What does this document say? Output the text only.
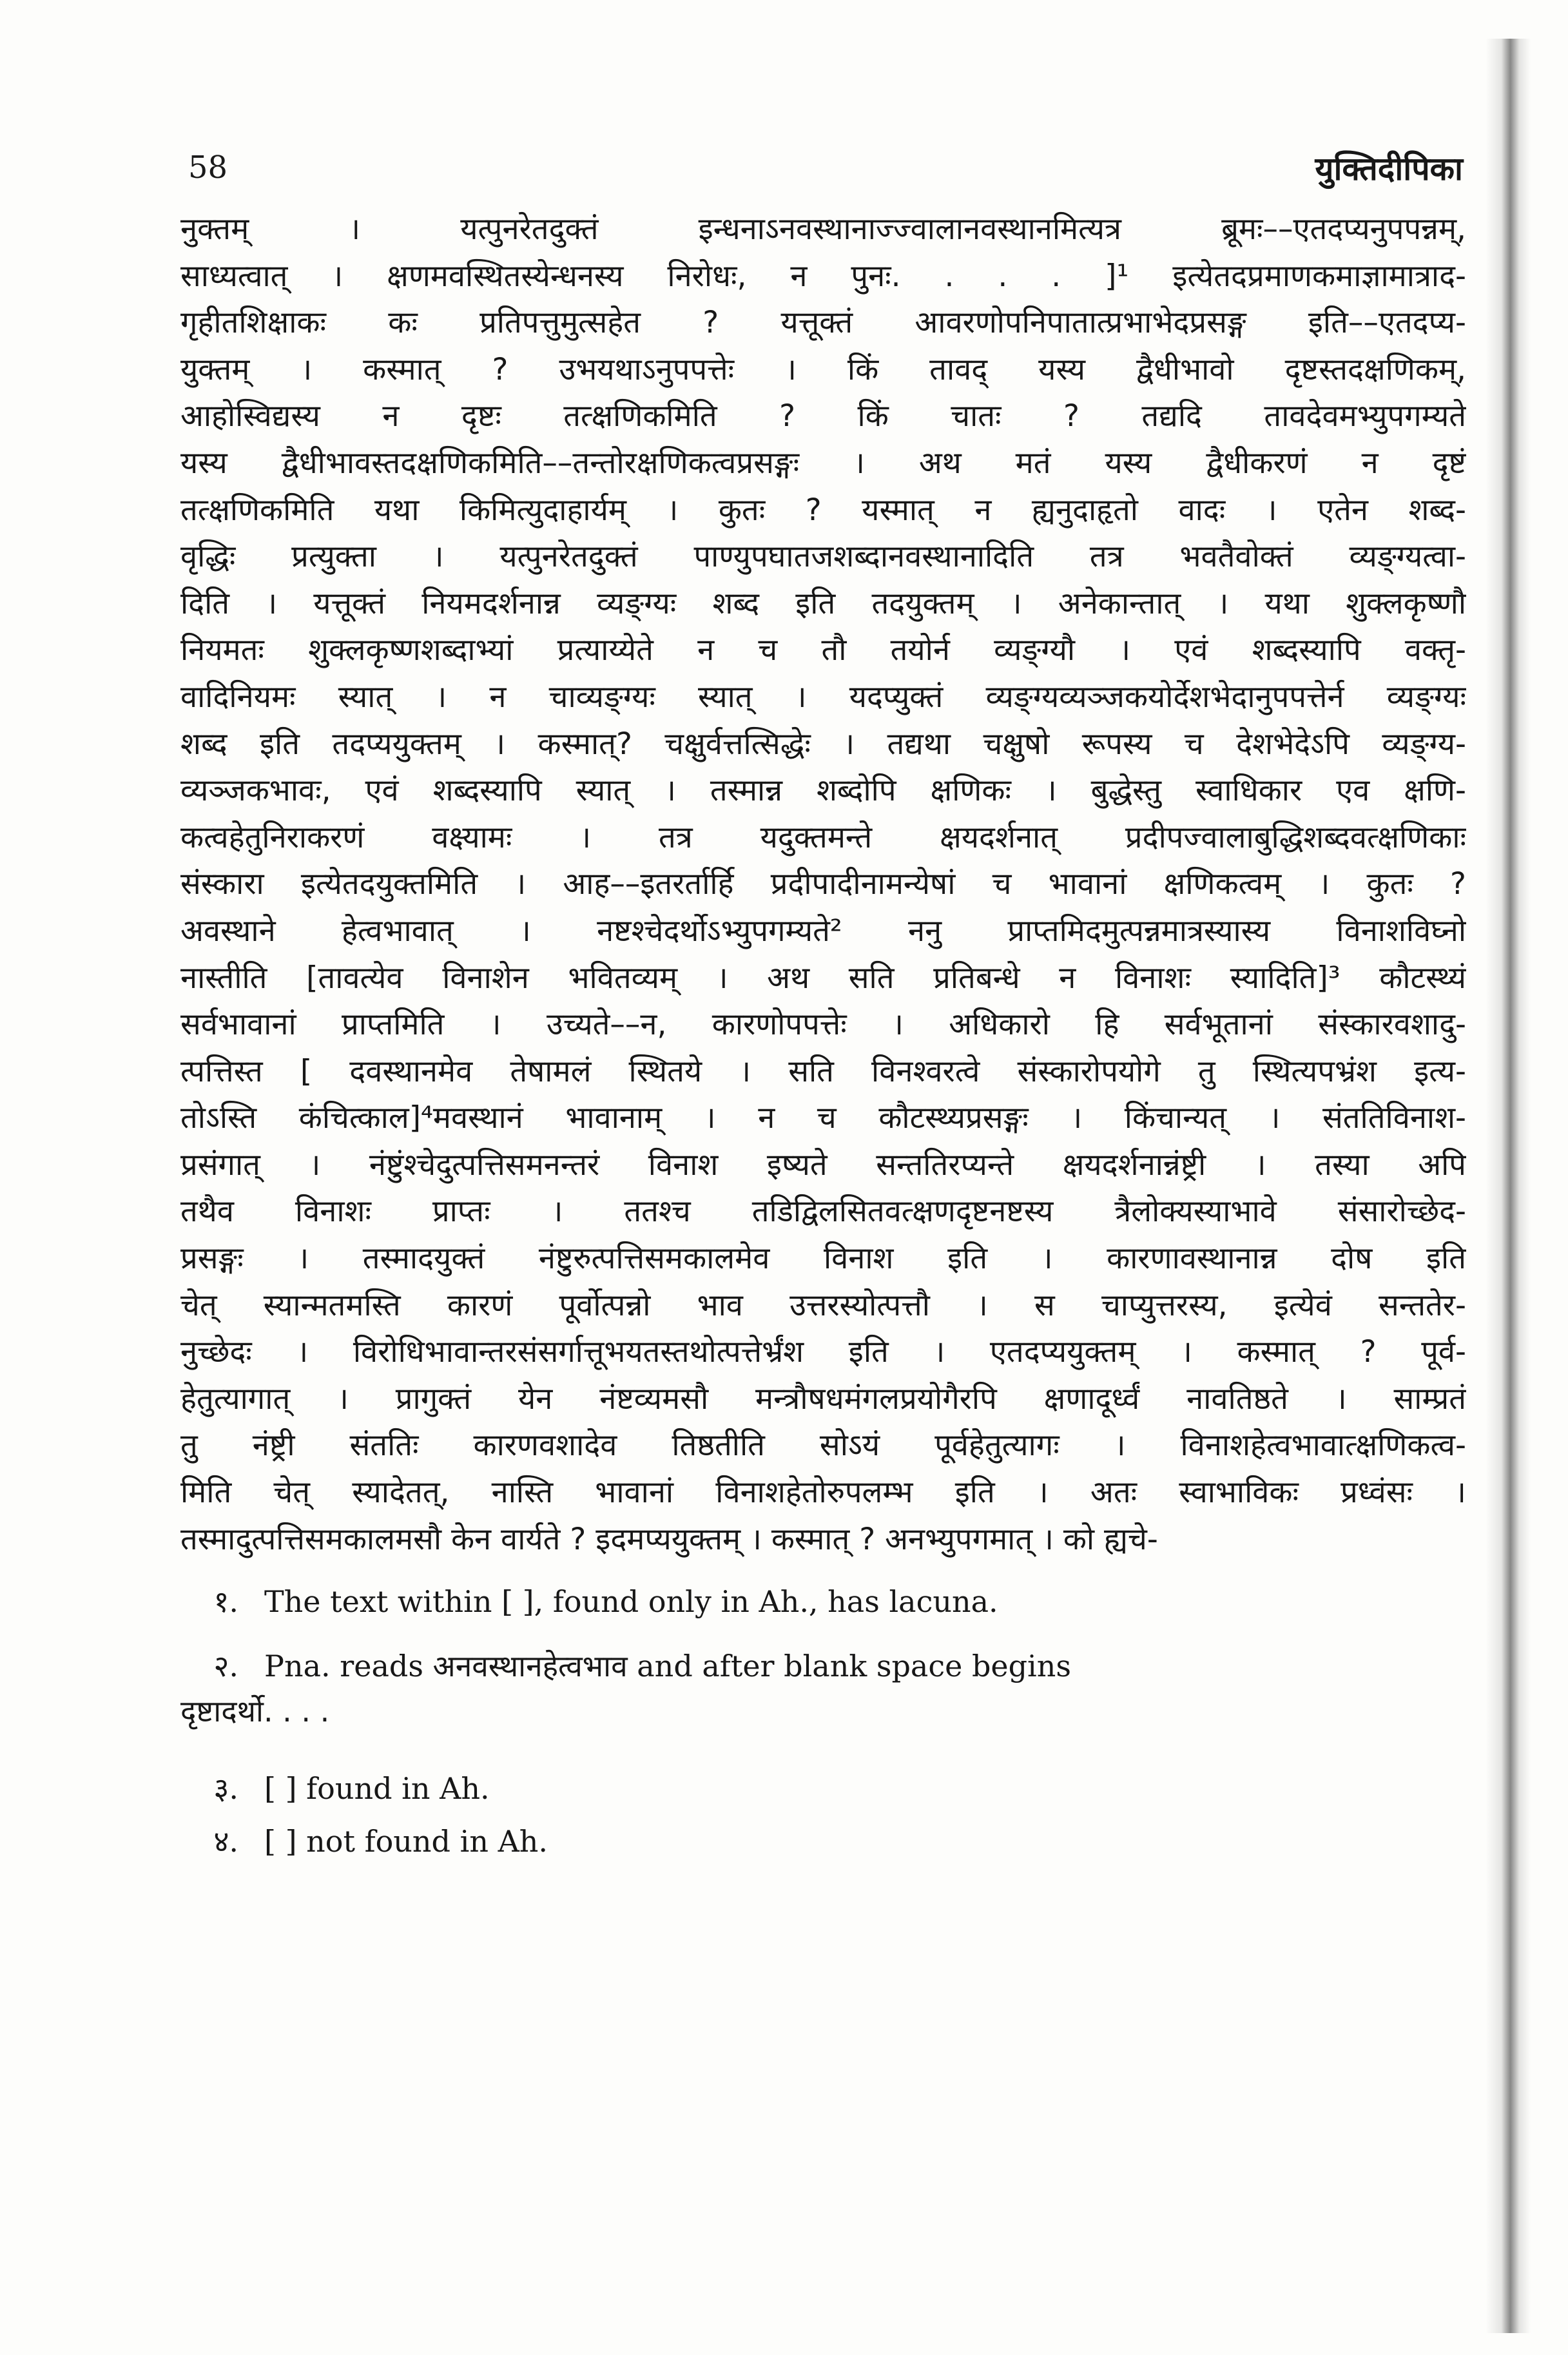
58	युक्तिदीपिका
नुक्तम् । यत्पुनरेतदुक्तं इन्धनाऽनवस्थानाज्ज्वालानवस्थानमित्यत्र ब्रूमः––एतदप्यनुपपन्नम्,
साध्यत्वात् । क्षणमवस्थितस्येन्धनस्य निरोधः, न पुनः. . . . ]¹ इत्येतदप्रमाणकमाज्ञामात्राद-
गृहीतशिक्षाकः कः प्रतिपत्तुमुत्सहेत ? यत्तूक्तं आवरणोपनिपातात्प्रभाभेदप्रसङ्ग इति––एतदप्य-
युक्तम् । कस्मात् ? उभयथाऽनुपपत्तेः । किं तावद् यस्य द्वैधीभावो दृष्टस्तदक्षणिकम्,
आहोस्विद्यस्य न दृष्टः तत्क्षणिकमिति ? किं चातः ? तद्यदि तावदेवमभ्युपगम्यते
यस्य द्वैधीभावस्तदक्षणिकमिति––तन्तोरक्षणिकत्वप्रसङ्गः । अथ मतं यस्य द्वैधीकरणं न दृष्टं
तत्क्षणिकमिति यथा किमित्युदाहार्यम् । कुतः ? यस्मात् न ह्यनुदाहृतो वादः । एतेन शब्द-
वृद्धिः प्रत्युक्ता । यत्पुनरेतदुक्तं पाण्युपघातजशब्दानवस्थानादिति तत्र भवतैवोक्तं व्यङ्ग्यत्वा-
दिति । यत्तूक्तं नियमदर्शनान्न व्यङ्ग्यः शब्द इति तदयुक्तम् । अनेकान्तात् । यथा शुक्लकृष्णौ
नियमतः शुक्लकृष्णशब्दाभ्यां प्रत्याय्येते न च तौ तयोर्न व्यङ्ग्यौ । एवं शब्दस्यापि वक्तृ-
वादिनियमः स्यात् । न चाव्यङ्ग्यः स्यात् । यदप्युक्तं व्यङ्ग्यव्यञ्जकयोर्देशभेदानुपपत्तेर्न व्यङ्ग्यः
शब्द इति तदप्ययुक्तम् । कस्मात्? चक्षुर्वत्तत्सिद्धेः । तद्यथा चक्षुषो रूपस्य च देशभेदेऽपि व्यङ्ग्य-
व्यञ्जकभावः, एवं शब्दस्यापि स्यात् । तस्मान्न शब्दोपि क्षणिकः । बुद्धेस्तु स्वाधिकार एव क्षणि-
कत्वहेतुनिराकरणं वक्ष्यामः । तत्र यदुक्तमन्ते क्षयदर्शनात् प्रदीपज्वालाबुद्धिशब्दवत्क्षणिकाः
संस्कारा इत्येतदयुक्तमिति । आह––इतरर्तार्हि प्रदीपादीनामन्येषां च भावानां क्षणिकत्वम् । कुतः ?
अवस्थाने हेत्वभावात् । नष्टश्चेदर्थोऽभ्युपगम्यते² ननु प्राप्तमिदमुत्पन्नमात्रस्यास्य विनाशविघ्नो
नास्तीति [तावत्येव विनाशेन भवितव्यम् । अथ सति प्रतिबन्धे न विनाशः स्यादिति]³ कौटस्थ्यं
सर्वभावानां प्राप्तमिति । उच्यते––न, कारणोपपत्तेः । अधिकारो हि सर्वभूतानां संस्कारवशादु-
त्पत्तिस्त [ दवस्थानमेव तेषामलं स्थितये । सति विनश्वरत्वे संस्कारोपयोगे तु स्थित्यपभ्रंश इत्य-
तोऽस्ति कंचित्काल]⁴मवस्थानं भावानाम् । न च कौटस्थ्यप्रसङ्गः । किंचान्यत् । संततिविनाश-
प्रसंगात् । नंष्टुंश्चेदुत्पत्तिसमनन्तरं विनाश इष्यते सन्ततिरप्यन्ते क्षयदर्शनान्नंष्ट्री । तस्या अपि
तथैव विनाशः प्राप्तः । ततश्च तडिद्विलसितवत्क्षणदृष्टनष्टस्य त्रैलोक्यस्याभावे संसारोच्छेद-
प्रसङ्गः । तस्मादयुक्तं नंष्टुरुत्पत्तिसमकालमेव विनाश इति । कारणावस्थानान्न दोष इति
चेत् स्यान्मतमस्ति कारणं पूर्वोत्पन्नो भाव उत्तरस्योत्पत्तौ । स चाप्युत्तरस्य, इत्येवं सन्ततेर-
नुच्छेदः । विरोधिभावान्तरसंसर्गात्तूभयतस्तथोत्पत्तेर्भ्रंश इति । एतदप्ययुक्तम् । कस्मात् ? पूर्व-
हेतुत्यागात् । प्रागुक्तं येन नंष्टव्यमसौ मन्त्रौषधमंगलप्रयोगैरपि क्षणादूर्ध्वं नावतिष्ठते । साम्प्रतं
तु नंष्ट्री संततिः कारणवशादेव तिष्ठतीति सोऽयं पूर्वहेतुत्यागः । विनाशहेत्वभावात्क्षणिकत्व-
मिति चेत् स्यादेतत्, नास्ति भावानां विनाशहेतोरुपलम्भ इति । अतः स्वाभाविकः प्रध्वंसः ।
तस्मादुत्पत्तिसमकालमसौ केन वार्यते ? इदमप्ययुक्तम् । कस्मात् ? अनभ्युपगमात् । को ह्यचे-
१. The text within [ ], found only in Ah., has lacuna.
२. Pna. reads अनवस्थानहेत्वभाव and after blank space begins
दृष्टादर्थो. . . .
३. [ ] found in Ah.
४. [ ] not found in Ah.
